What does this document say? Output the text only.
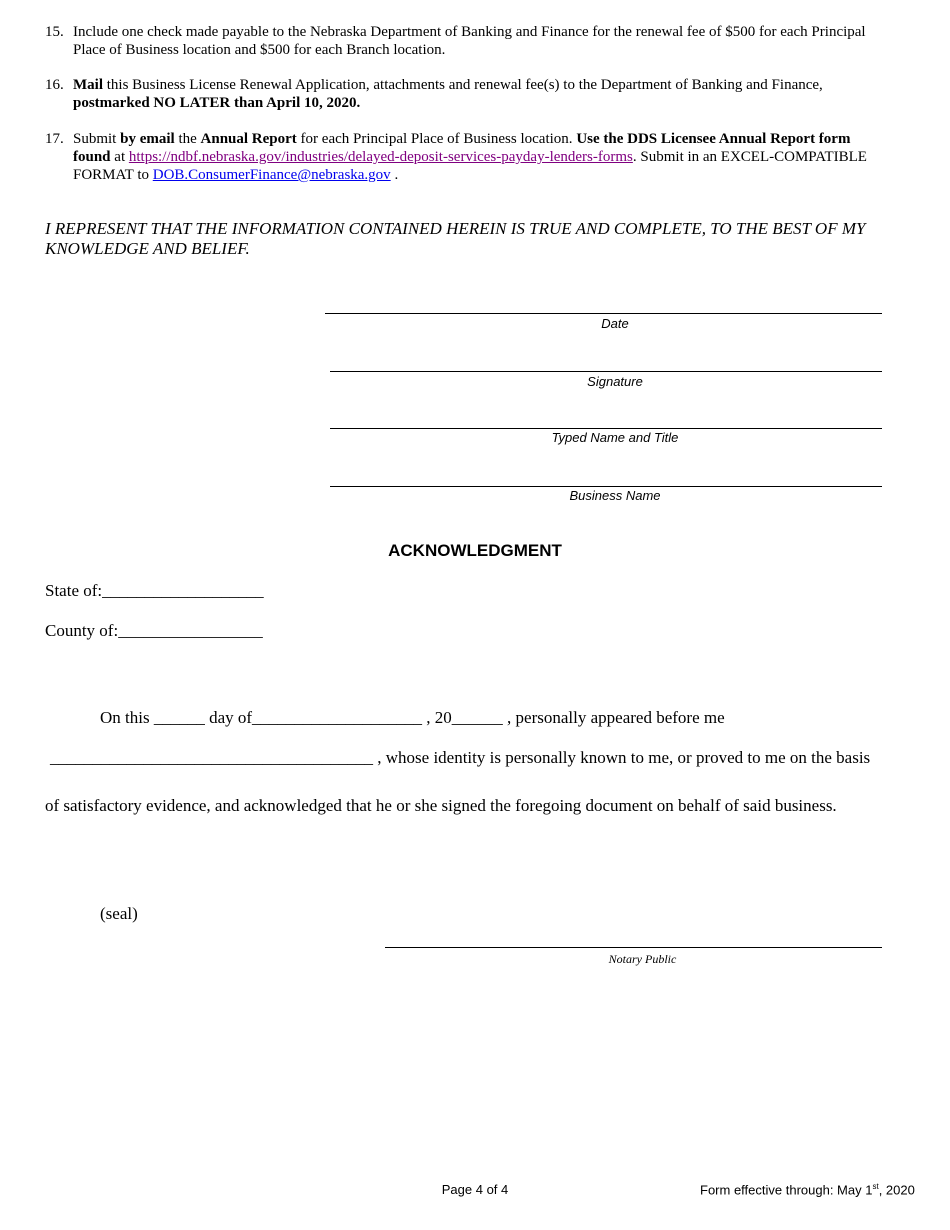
15. Include one check made payable to the Nebraska Department of Banking and Finance for the renewal fee of $500 for each Principal
Place of Business location and $500 for each Branch location.
16. Mail this Business License Renewal Application, attachments and renewal fee(s) to the Department of Banking and Finance,
postmarked NO LATER than April 10, 2020.
17. Submit by email the Annual Report for each Principal Place of Business location. Use the DDS Licensee Annual Report form
found at https://ndbf.nebraska.gov/industries/delayed-deposit-services-payday-lenders-forms. Submit in an EXCEL-COMPATIBLE
FORMAT to DOB.ConsumerFinance@nebraska.gov .
I REPRESENT THAT THE INFORMATION CONTAINED HEREIN IS TRUE AND COMPLETE, TO THE BEST OF MY
KNOWLEDGE AND BELIEF.
Date
Signature
Typed Name and Title
Business Name
ACKNOWLEDGMENT
State of:___________________
County of:_________________
On this ______ day of____________________ , 20______ , personally appeared before me
______________________________________ , whose identity is personally known to me, or proved to me on the basis
of satisfactory evidence, and acknowledged that he or she signed the foregoing document on behalf of said business.
(seal)
Notary Public
Page 4 of 4	Form effective through: May 1st, 2020
